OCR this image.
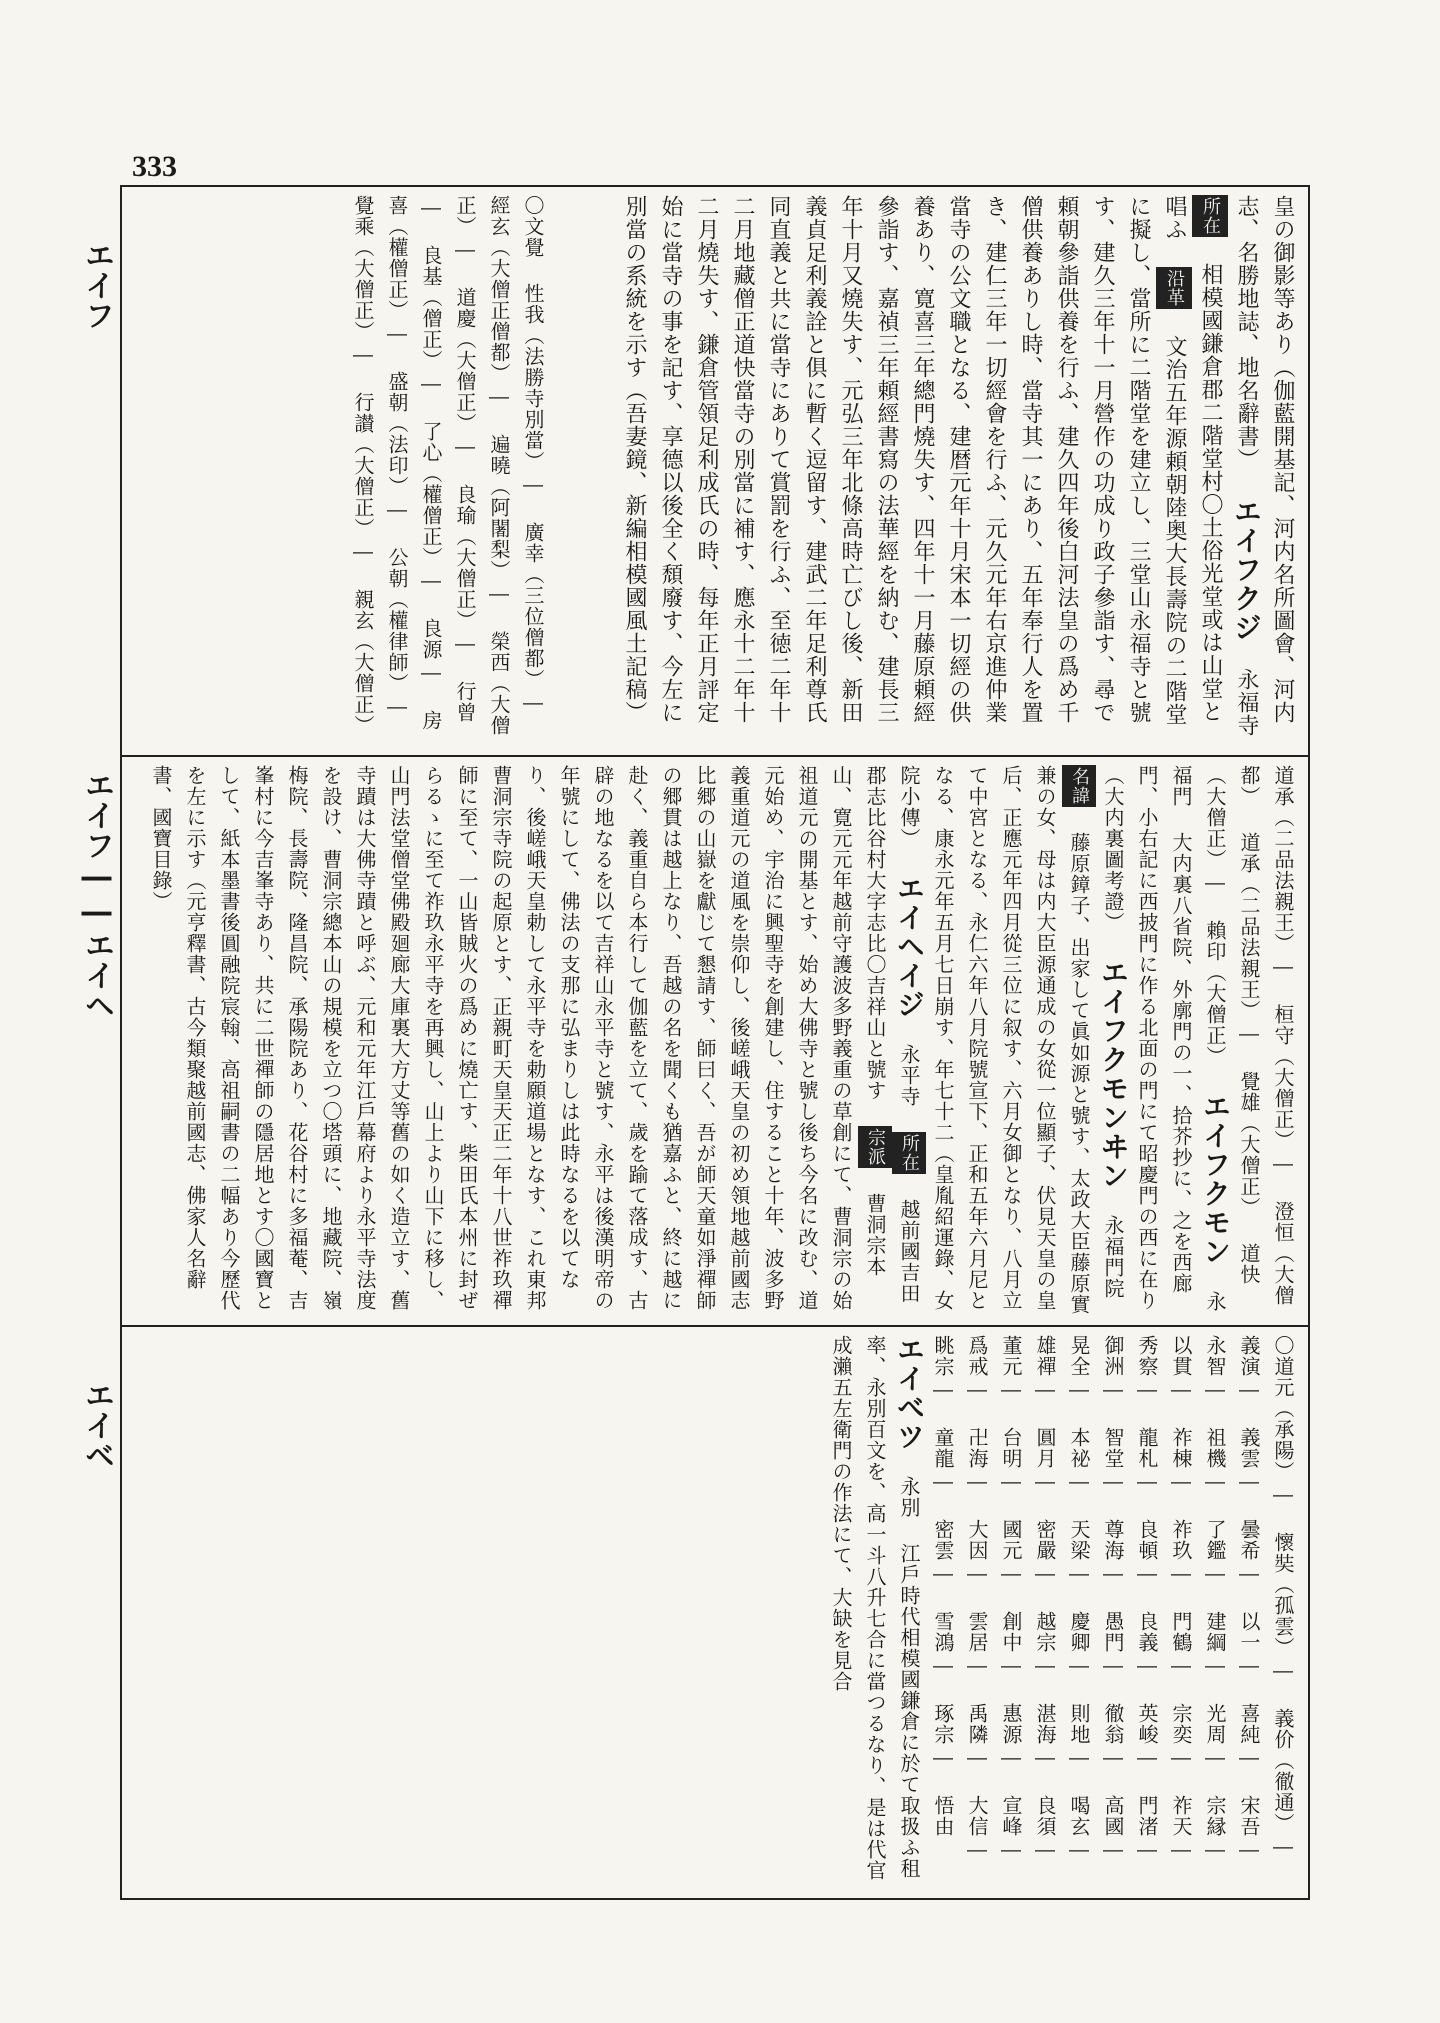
333
エイフ
エイフ――エイヘ
エイベ
皇の御影等あり（伽藍開基記、河内名所圖會、河内志、名勝地誌、地名辭書） エイフクジ 永福寺 所在 相模國鎌倉郡二階堂村〇土俗光堂或は山堂と唱ふ 沿革 文治五年源頼朝陸奥大長壽院の二階堂に擬し、當所に二階堂を建立し、三堂山永福寺と號す、建久三年十一月營作の功成り政子參詣す、尋で頼朝參詣供養を行ふ、建久四年後白河法皇の爲め千僧供養ありし時、當寺其一にあり、五年奉行人を置き、建仁三年一切經會を行ふ、元久元年右京進仲業當寺の公文職となる、建暦元年十月宋本一切經の供養あり、寛喜三年總門燒失す、四年十一月藤原頼經參詣す、嘉禎三年頼經書寫の法華經を納む、建長三年十月又燒失す、元弘三年北條高時亡びし後、新田義貞足利義詮と俱に暫く逗留す、建武二年足利尊氏同直義と共に當寺にありて賞罰を行ふ、至徳二年十二月地藏僧正道快當寺の別當に補す、應永十二年十二月燒失す、鎌倉管領足利成氏の時、每年正月評定始に當寺の事を記す、享德以後全く頹廢す、今左に別當の系統を示す（吾妻鏡、新編相模國風土記稿）
〇文覺 性我（法勝寺別當）― 廣幸（三位僧都）― 經玄（大僧正僧都）― 遍曉（阿闍梨）― 榮西（大僧正）― 道慶（大僧正）― 良瑜（大僧正）― 行曾― 良基（僧正）― 了心（權僧正）― 良源― 房喜（權僧正）― 盛朝（法印）― 公朝（權律師）― 覺乘（大僧正）― 行讃（大僧正）― 親玄（大僧正）
道承（二品法親王）― 桓守（大僧正）― 澄恒（大僧都） 道承（二品法親王）― 覺雄（大僧正） 道快（大僧正）― 賴印（大僧正） エイフクモン 永福門 大内裏八省院、外廓門の一、拾芥抄に、之を西廊門、小右記に西披門に作る北面の門にて昭慶門の西に在り（大内裏圖考證） エイフクモンヰン 永福門院 名諱 藤原鏱子、出家して眞如源と號す、太政大臣藤原實兼の女、母は内大臣源通成の女從一位顯子、伏見天皇の皇后、正應元年四月從三位に叙す、六月女御となり、八月立て中宮となる、永仁六年八月院號宣下、正和五年六月尼となる、康永元年五月七日崩す、年七十二（皇胤紹運錄、女院小傳） エイヘイジ 永平寺 所在 越前國吉田郡志比谷村大字志比〇吉祥山と號す 宗派 曹洞宗本山、寛元元年越前守護波多野義重の草創にて、曹洞宗の始祖道元の開基とす、始め大佛寺と號し後ち今名に改む、道元始め、宇治に興聖寺を創建し、住すること十年、波多野義重道元の道風を崇仰し、後嵯峨天皇の初め領地越前國志比郷の山嶽を獻じて懇請す、師曰く、吾が師天童如淨禪師の郷貫は越上なり、吾越の名を聞くも猶嘉ふと、終に越に赴く、義重自ら本行して伽藍を立て、歲を踰て落成す、古辟の地なるを以て吉祥山永平寺と號す、永平は後漢明帝の年號にして、佛法の支那に弘まりしは此時なるを以てなり、後嵯峨天皇勅して永平寺を勅願道場となす、これ東邦曹洞宗寺院の起原とす、正親町天皇天正二年十八世祚玖禪師に至て、一山皆賊火の爲めに燒亡す、柴田氏本州に封ぜらるゝに至て祚玖永平寺を再興し、山上より山下に移し、山門法堂僧堂佛殿廻廊大庫裏大方丈等舊の如く造立す、舊寺蹟は大佛寺蹟と呼ぶ、元和元年江戶幕府より永平寺法度を設け、曹洞宗總本山の規模を立つ〇塔頭に、地藏院、嶺梅院、長壽院、隆昌院、承陽院あり、花谷村に多福菴、吉峯村に今吉峯寺あり、共に二世禪師の隱居地とす〇國寶として、紙本墨書後圓融院宸翰、高祖嗣書の二幅あり今歷代を左に示す（元亨釋書、古今類聚越前國志、佛家人名辭書、國寶目錄）
〇道元（承陽）― 懷奘（孤雲）― 義价（徹通）― 義演― 義雲― 曇希― 以一― 喜純― 宋吾― 永智― 祖機― 了鑑― 建綱― 光周― 宗縁― 以貫― 祚棟― 祚玖― 門鶴― 宗奕― 祚天― 秀察― 龍札― 良頓― 良義― 英峻― 門渚― 御洲― 智堂― 尊海― 愚門― 徹翁― 高國― 晃全― 本祕― 天梁― 慶卿― 則地― 喝玄― 雄禪― 圓月― 密嚴― 越宗― 湛海― 良須― 董元― 台明― 國元― 創中― 惠源― 宣峰― 爲戒― 卍海― 大因― 雲居― 禹隣― 大信― 眺宗― 童龍― 密雲― 雪鴻― 琢宗― 悟由 エイべツ 永別 江戶時代相模國鎌倉に於て取扱ふ租率、永別百文を、高一斗八升七合に當つるなり、是は代官成瀨五左衛門の作法にて、大缺を見合
